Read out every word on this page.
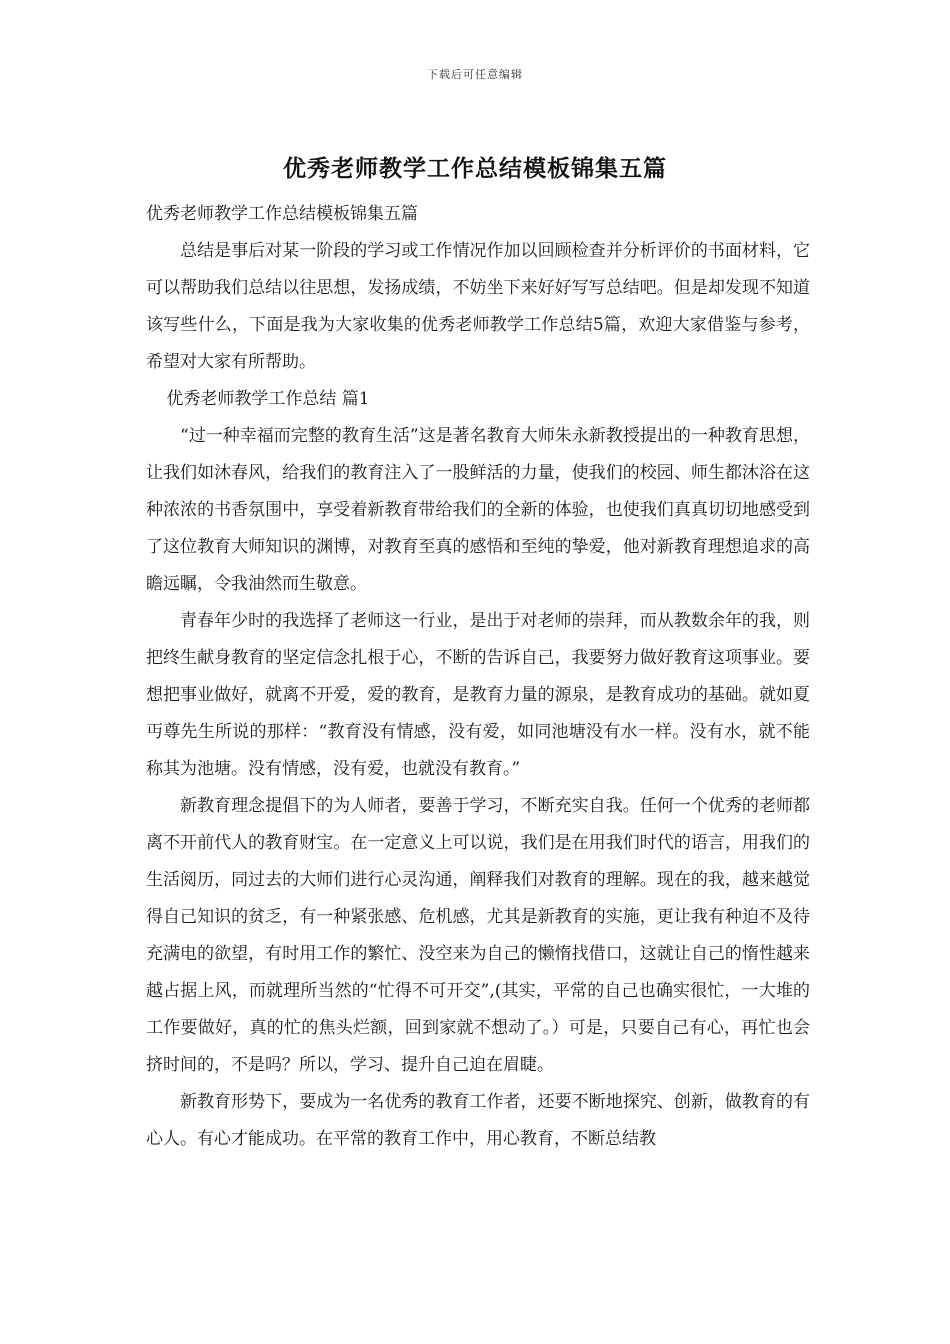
下载后可任意编辑
优秀老师教学工作总结模板锦集五篇

优秀老师教学工作总结模板锦集五篇

总结是事后对某一阶段的学习或工作情况作加以回顾检查并分析评价的书面材料，它可以帮助我们总结以往思想，发扬成绩，不妨坐下来好好写写总结吧。但是却发现不知道该写些什么，下面是我为大家收集的优秀老师教学工作总结5篇，欢迎大家借鉴与参考，希望对大家有所帮助。

优秀老师教学工作总结 篇1

“过一种幸福而完整的教育生活”这是著名教育大师朱永新教授提出的一种教育思想，让我们如沐春风，给我们的教育注入了一股鲜活的力量，使我们的校园、师生都沐浴在这种浓浓的书香氛围中，享受着新教育带给我们的全新的体验，也使我们真真切切地感受到了这位教育大师知识的渊博，对教育至真的感悟和至纯的挚爱，他对新教育理想追求的高瞻远瞩，令我油然而生敬意。

青春年少时的我选择了老师这一行业，是出于对老师的崇拜，而从教数余年的我，则把终生献身教育的坚定信念扎根于心，不断的告诉自己，我要努力做好教育这项事业。要想把事业做好，就离不开爱，爱的教育，是教育力量的源泉，是教育成功的基础。就如夏丏尊先生所说的那样：“教育没有情感，没有爱，如同池塘没有水一样。没有水，就不能称其为池塘。没有情感，没有爱，也就没有教育。”

新教育理念提倡下的为人师者，要善于学习，不断充实自我。任何一个优秀的老师都离不开前代人的教育财宝。在一定意义上可以说，我们是在用我们时代的语言，用我们的生活阅历，同过去的大师们进行心灵沟通，阐释我们对教育的理解。现在的我，越来越觉得自己知识的贫乏，有一种紧张感、危机感，尤其是新教育的实施，更让我有种迫不及待充满电的欲望，有时用工作的繁忙、没空来为自己的懒惰找借口，这就让自己的惰性越来越占据上风，而就理所当然的“忙得不可开交”,(其实，平常的自己也确实很忙，一大堆的工作要做好，真的忙的焦头烂额，回到家就不想动了。）可是，只要自己有心，再忙也会挤时间的，不是吗？所以，学习、提升自己迫在眉睫。

新教育形势下，要成为一名优秀的教育工作者，还要不断地探究、创新，做教育的有心人。有心才能成功。在平常的教育工作中，用心教育，不断总结教
